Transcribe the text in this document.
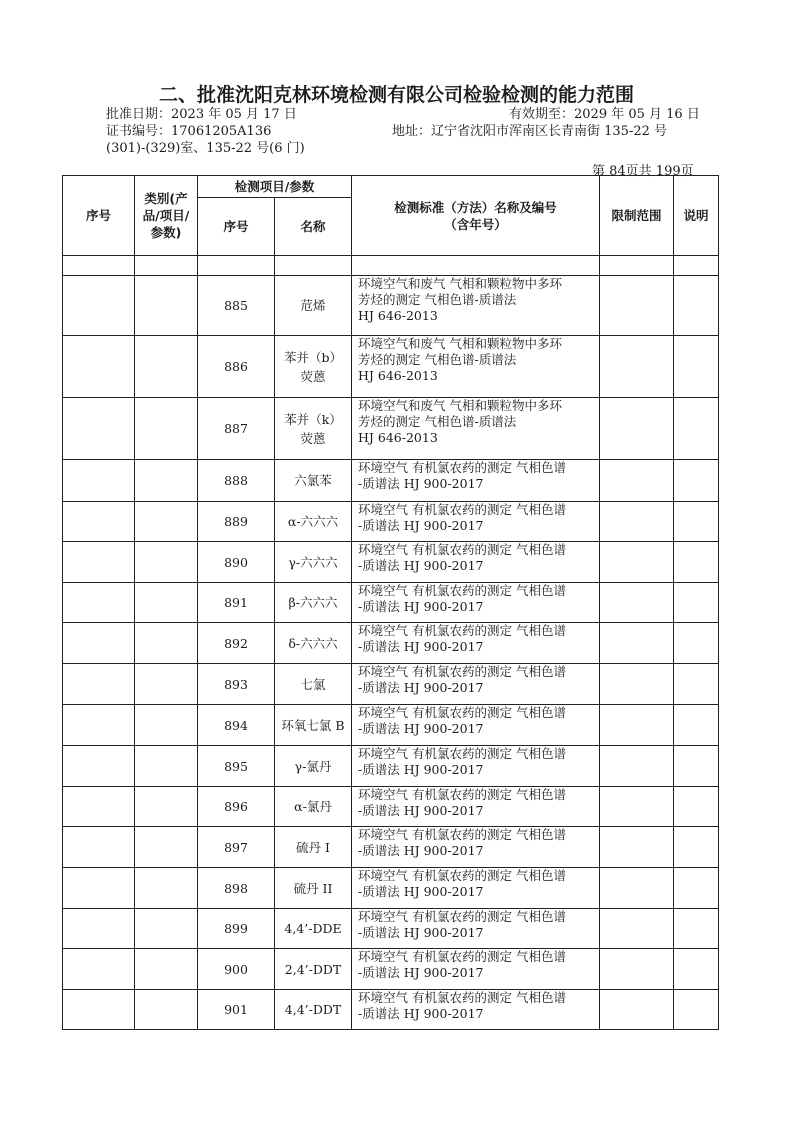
二、批准沈阳克林环境检测有限公司检验检测的能力范围
批准日期：2023 年 05 月 17 日
证书编号：17061205A136
(301)-(329)室、135-22 号(6 门)
有效期至：2029 年 05 月 16 日
地址：辽宁省沈阳市浑南区长青南街 135-22 号
第 84页共 199页
序号	类别(产品/项目/参数)	检测项目/参数		检测标准（方法）名称及编号（含年号）	限制范围	说明
		序号	名称			

		885	苊烯	环境空气和废气 气相和颗粒物中多环
芳烃的测定 气相色谱-质谱法
HJ 646-2013		

		886	苯并（b）荧蒽	环境空气和废气 气相和颗粒物中多环
芳烃的测定 气相色谱-质谱法
HJ 646-2013		

		887	苯并（k）荧蒽	环境空气和废气 气相和颗粒物中多环
芳烃的测定 气相色谱-质谱法
HJ 646-2013		

		888	六氯苯	环境空气 有机氯农药的测定 气相色谱
-质谱法 HJ 900-2017		

		889	α-六六六	环境空气 有机氯农药的测定 气相色谱
-质谱法 HJ 900-2017		

		890	γ-六六六	环境空气 有机氯农药的测定 气相色谱
-质谱法 HJ 900-2017		

		891	β-六六六	环境空气 有机氯农药的测定 气相色谱
-质谱法 HJ 900-2017		

		892	δ-六六六	环境空气 有机氯农药的测定 气相色谱
-质谱法 HJ 900-2017		

		893	七氯	环境空气 有机氯农药的测定 气相色谱
-质谱法 HJ 900-2017		

		894	环氧七氯 B	环境空气 有机氯农药的测定 气相色谱
-质谱法 HJ 900-2017		

		895	γ-氯丹	环境空气 有机氯农药的测定 气相色谱
-质谱法 HJ 900-2017		

		896	α-氯丹	环境空气 有机氯农药的测定 气相色谱
-质谱法 HJ 900-2017		

		897	硫丹 I	环境空气 有机氯农药的测定 气相色谱
-质谱法 HJ 900-2017		

		898	硫丹 II	环境空气 有机氯农药的测定 气相色谱
-质谱法 HJ 900-2017		

		899	4,4’-DDE	环境空气 有机氯农药的测定 气相色谱
-质谱法 HJ 900-2017		

		900	2,4’-DDT	环境空气 有机氯农药的测定 气相色谱
-质谱法 HJ 900-2017		

		901	4,4’-DDT	环境空气 有机氯农药的测定 气相色谱
-质谱法 HJ 900-2017		
